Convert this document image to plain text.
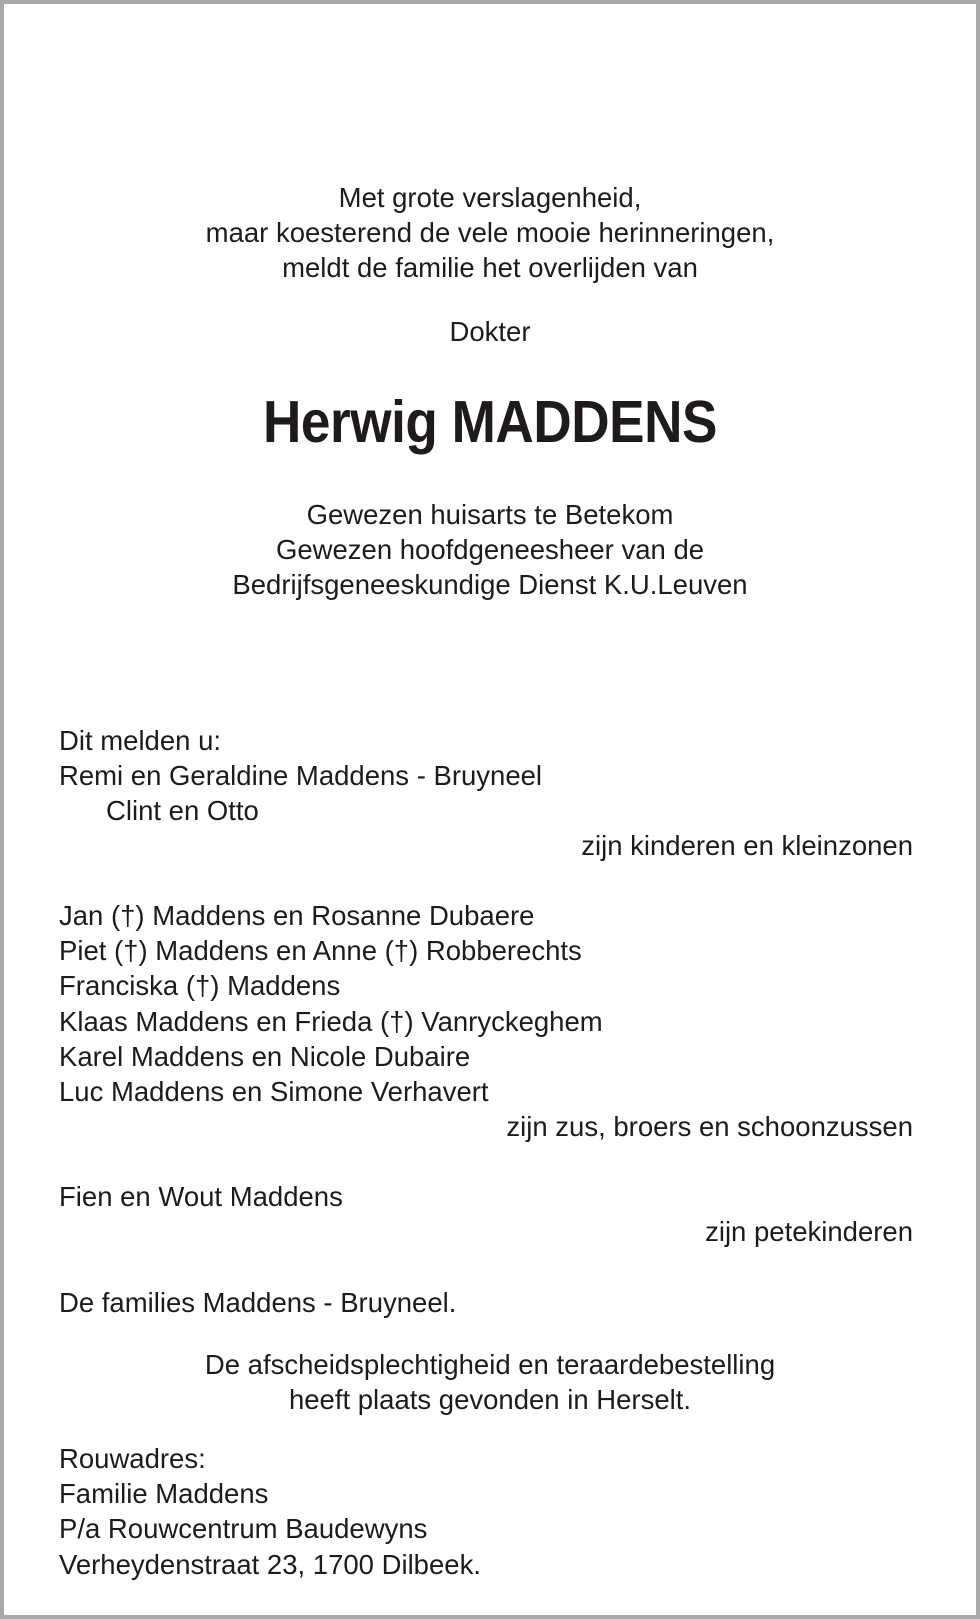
Met grote verslagenheid,
maar koesterend de vele mooie herinneringen,
meldt de familie het overlijden van
Dokter
Herwig MADDENS
Gewezen huisarts te Betekom
Gewezen hoofdgeneesheer van de
Bedrijfsgeneeskundige Dienst K.U.Leuven
Dit melden u:
Remi en Geraldine Maddens - Bruyneel
Clint en Otto
zijn kinderen en kleinzonen
Jan (†) Maddens en Rosanne Dubaere
Piet (†) Maddens en Anne (†) Robberechts
Franciska (†) Maddens
Klaas Maddens en Frieda (†) Vanryckeghem
Karel Maddens en Nicole Dubaire
Luc Maddens en Simone Verhavert
zijn zus, broers en schoonzussen
Fien en Wout Maddens
zijn petekinderen
De families Maddens - Bruyneel.
De afscheidsplechtigheid en teraardebestelling
heeft plaats gevonden in Herselt.
Rouwadres:
Familie Maddens
P/a Rouwcentrum Baudewyns
Verheydenstraat 23, 1700 Dilbeek.
